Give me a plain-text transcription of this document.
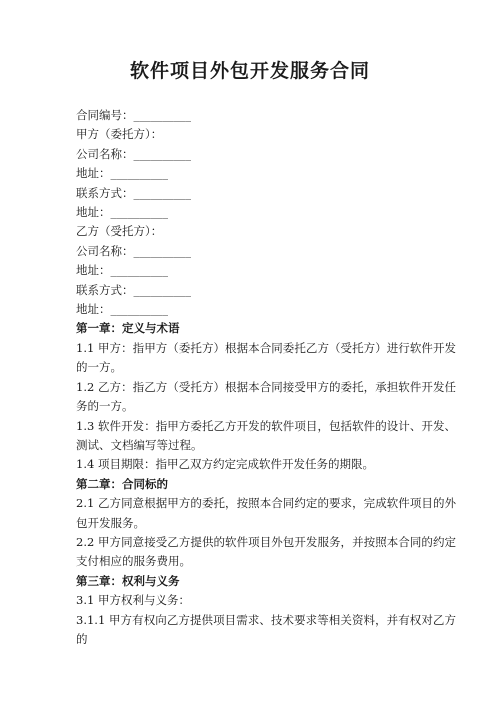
软件项目外包开发服务合同
合同编号：__________
甲方（委托方）：
公司名称：__________
地址：__________
联系方式：__________
地址：__________
乙方（受托方）：
公司名称：__________
地址：__________
联系方式：__________
地址：__________
第一章：定义与术语
1.1 甲方：指甲方（委托方）根据本合同委托乙方（受托方）进行软件开发的一方。
1.2 乙方：指乙方（受托方）根据本合同接受甲方的委托，承担软件开发任务的一方。
1.3 软件开发：指甲方委托乙方开发的软件项目，包括软件的设计、开发、测试、文档编写等过程。
1.4 项目期限：指甲乙双方约定完成软件开发任务的期限。
第二章：合同标的
2.1 乙方同意根据甲方的委托，按照本合同约定的要求，完成软件项目的外包开发服务。
2.2 甲方同意接受乙方提供的软件项目外包开发服务，并按照本合同的约定支付相应的服务费用。
第三章：权利与义务
3.1 甲方权利与义务：
3.1.1 甲方有权向乙方提供项目需求、技术要求等相关资料，并有权对乙方的
